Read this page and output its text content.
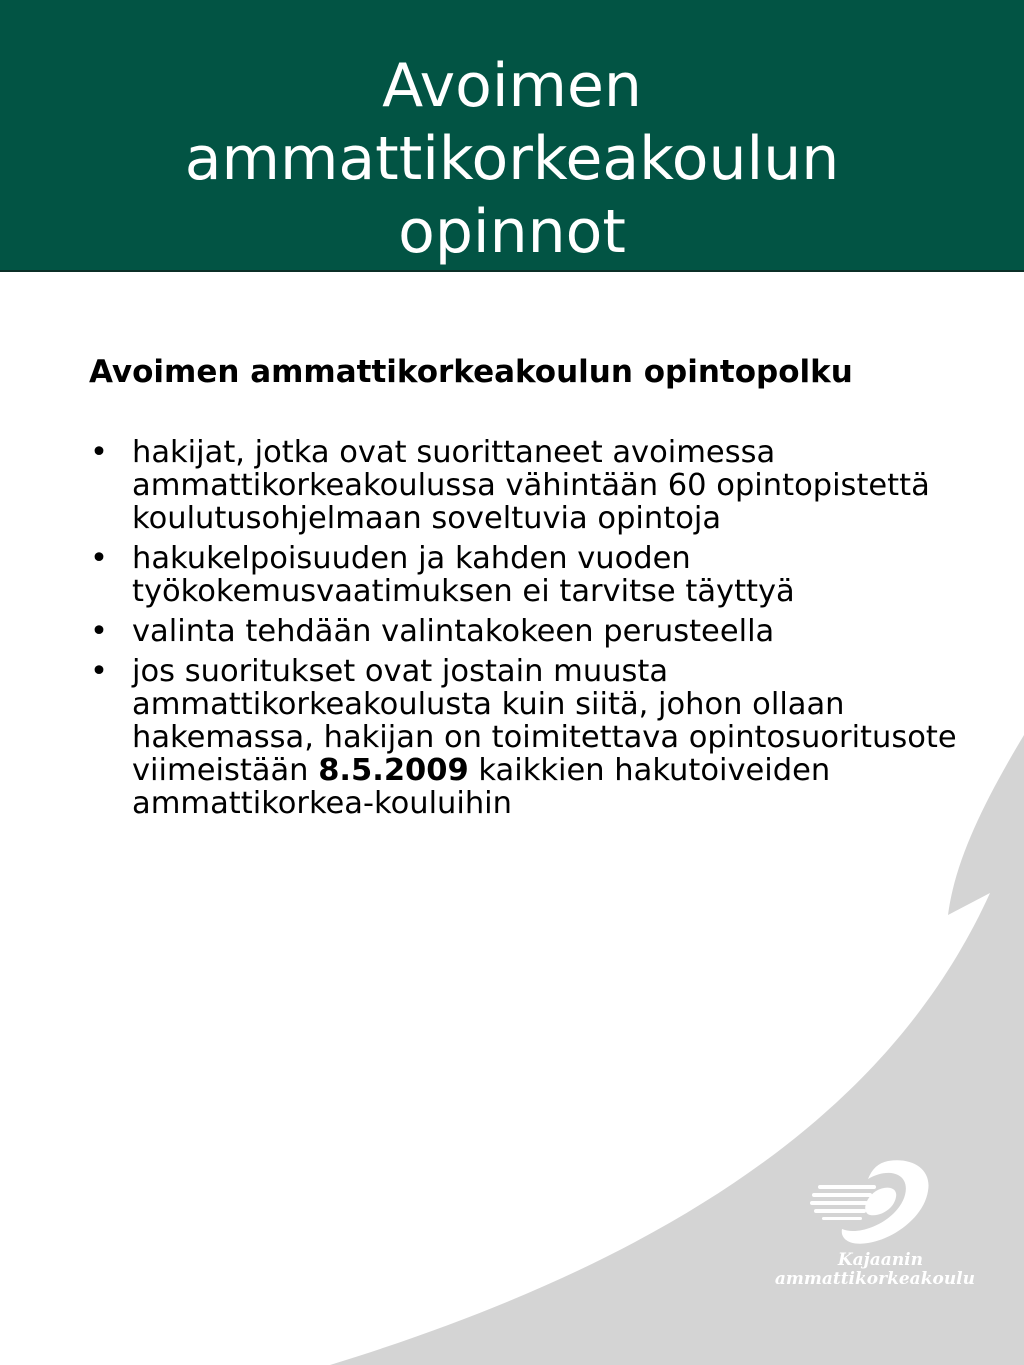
Avoimen
ammattikorkeakoulun
opinnot
Avoimen ammattikorkeakoulun opintopolku
• hakijat, jotka ovat suorittaneet avoimessa ammattikorkeakoulussa vähintään 60 opintopistettä koulutusohjelmaan soveltuvia opintoja
• hakukelpoisuuden ja kahden vuoden työkokemusvaatimuksen ei tarvitse täyttyä
• valinta tehdään valintakokeen perusteella
• jos suoritukset ovat jostain muusta ammattikorkeakoulusta kuin siitä, johon ollaan hakemassa, hakijan on toimitettava opintosuoritusote viimeistään 8.5.2009 kaikkien hakutoiveiden ammattikorkea-kouluihin
Kajaanin
ammattikorkeakoulu
